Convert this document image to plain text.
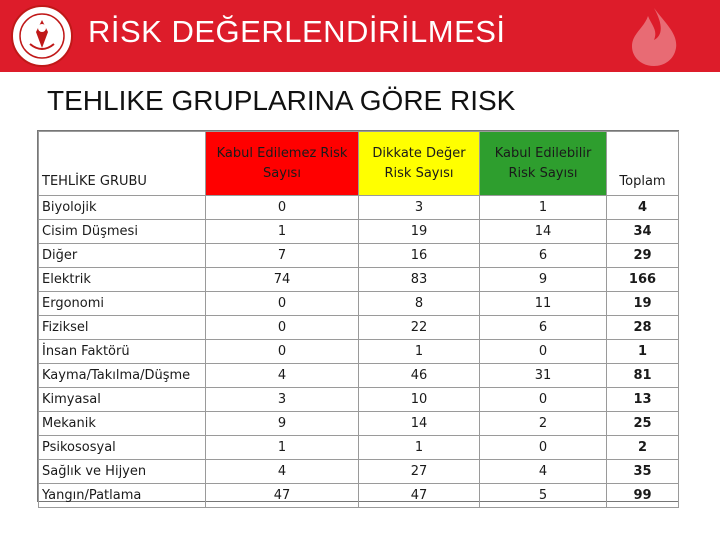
RİSK DEĞERLENDİRİLMESİ
TEHLIKE GRUPLARINA GÖRE RISK
TEHLİKE GRUBU	Kabul Edilemez Risk Sayısı	Dikkate Değer Risk Sayısı	Kabul Edilebilir Risk Sayısı	Toplam
Biyolojik	0	3	1	4
Cisim Düşmesi	1	19	14	34
Diğer	7	16	6	29
Elektrik	74	83	9	166
Ergonomi	0	8	11	19
Fiziksel	0	22	6	28
İnsan Faktörü	0	1	0	1
Kayma/Takılma/Düşme	4	46	31	81
Kimyasal	3	10	0	13
Mekanik	9	14	2	25
Psikososyal	1	1	0	2
Sağlık ve Hijyen	4	27	4	35
Yangın/Patlama	47	47	5	99
